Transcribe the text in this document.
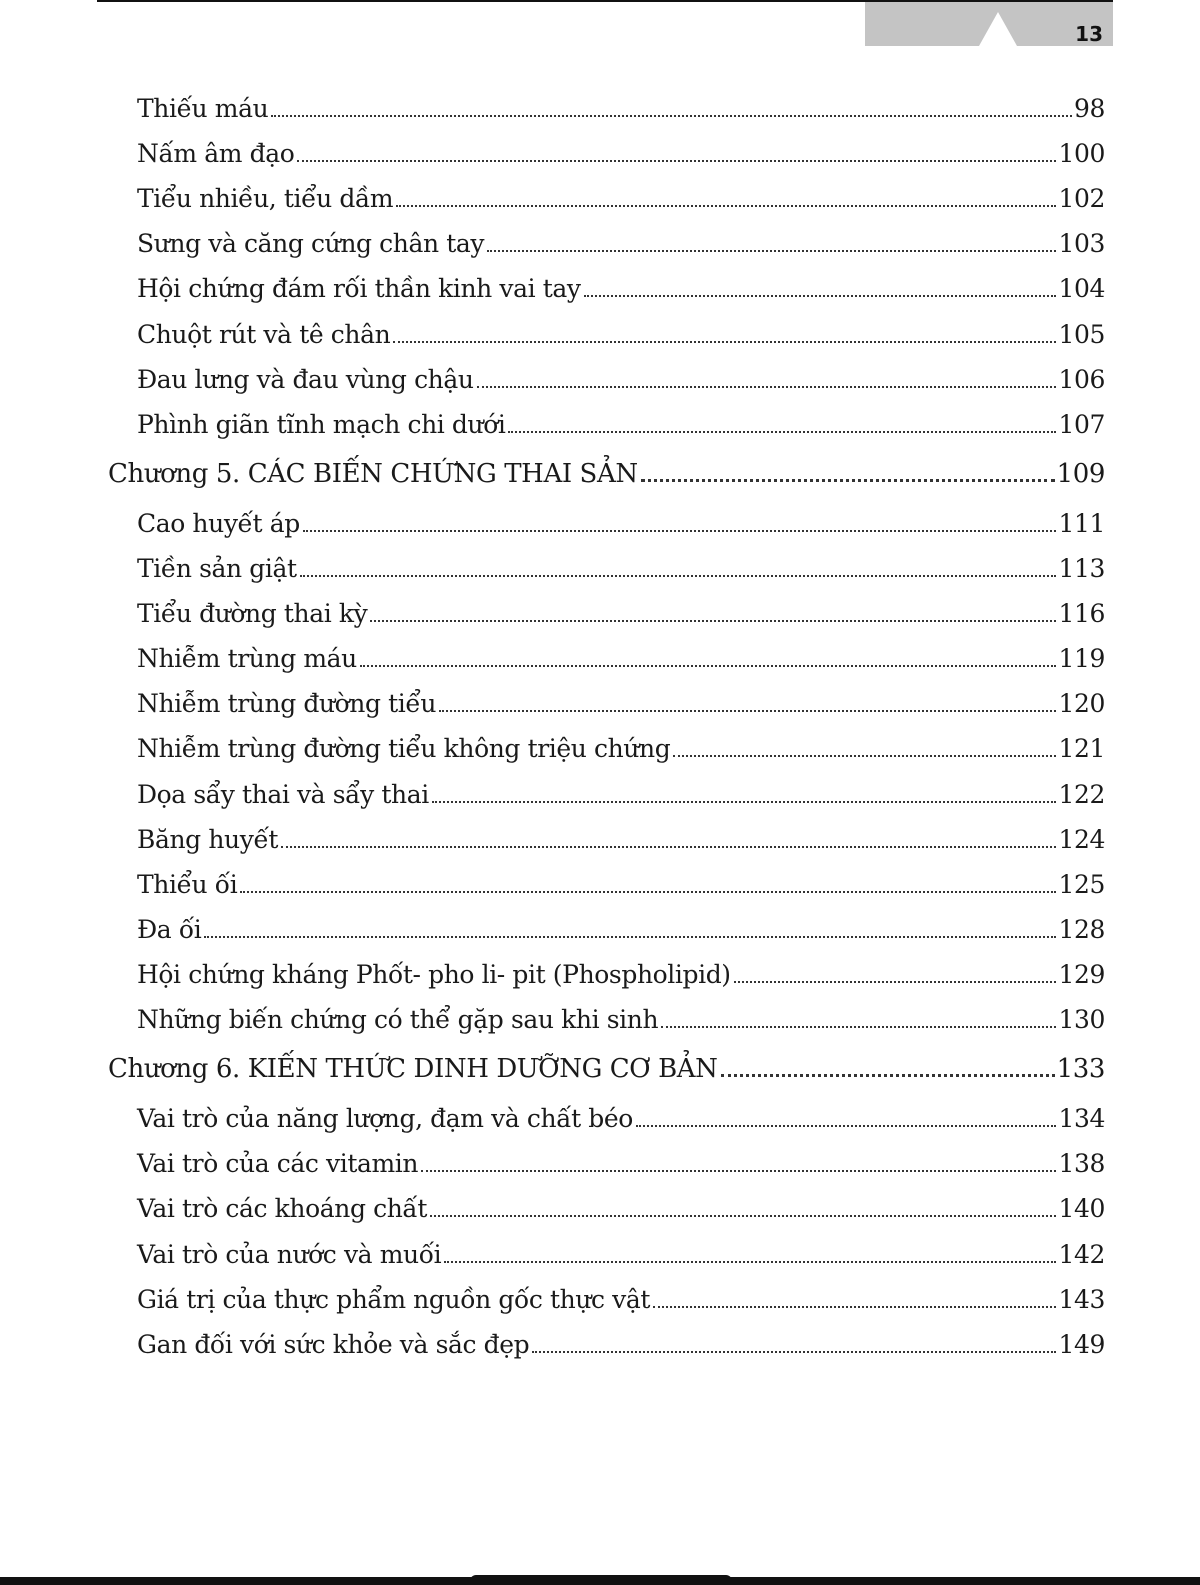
13
Thiếu máu	98
Nấm âm đạo	100
Tiểu nhiều, tiểu dầm	102
Sưng và căng cứng chân tay	103
Hội chứng đám rối thần kinh vai tay	104
Chuột rút và tê chân	105
Đau lưng và đau vùng chậu	106
Phình giãn tĩnh mạch chi dưới	107
Chương 5. CÁC BIẾN CHỨNG THAI SẢN	109
Cao huyết áp	111
Tiền sản giật	113
Tiểu đường thai kỳ	116
Nhiễm trùng máu	119
Nhiễm trùng đường tiểu	120
Nhiễm trùng đường tiểu không triệu chứng	121
Dọa sẩy thai và sẩy thai	122
Băng huyết	124
Thiểu ối	125
Đa ối	128
Hội chứng kháng Phốt- pho li- pit (Phospholipid)	129
Những biến chứng có thể gặp sau khi sinh	130
Chương 6. KIẾN THỨC DINH DƯỠNG CƠ BẢN	133
Vai trò của năng lượng, đạm và chất béo	134
Vai trò của các vitamin	138
Vai trò các khoáng chất	140
Vai trò của nước và muối	142
Giá trị của thực phẩm nguồn gốc thực vật	143
Gan đối với sức khỏe và sắc đẹp	149
